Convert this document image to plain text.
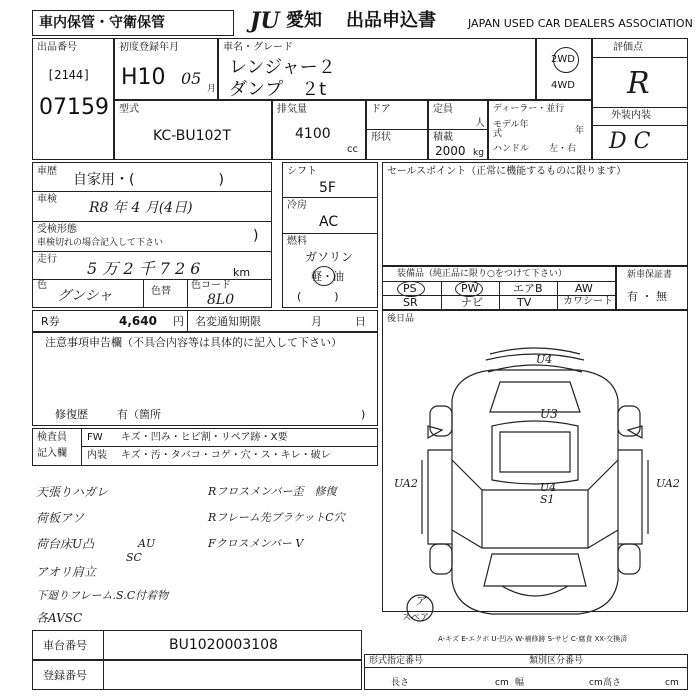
車内保管・守衛保管	JU 愛知 出品申込書	JAPAN USED CAR DEALERS ASSOCIATION
出品番号
[2144]
07159
初度登録年月
H10 05
月
車名・グレード
レンジャー２
ダンプ　２t
2WD
4WD
評価点
R
外装内装
D C
型式
KC-BU102T
排気量
4100
cc
ドア
形状
定員
人
積載
2000 kg
ディーラー・並行
モデル年式	年
ハンドル 左・右
車歴
自家用・(　　　　　　)
車検
R8 年 4 月(4日)
受検形態
車検切れの場合記入して下さい	)
走行 5 万 2 千 7 2 6	km
色
グンシャ	色替
色コード
8L0
シフト
5F
冷房
AC
燃料
ガソリン
軽・油
(　　　)
セールスポイント（正常に機能するものに限ります）
装備品（純正品に限り○をつけて下さい）
PS	PW	エアB	AW
SR	ナビ	TV	カワシート
新車保証書
有 ・ 無
R券	4,640 円 名変通知期限	月	日 後日品
注意事項申告欄（不具合内容等は具体的に記入して下さい）
修復歴	有（箇所	)
検査員
記入欄
FW キズ・凹み・ヒビ割・リペア跡・X要
内装 キズ・汚・タバコ・コゲ・穴・ス・キレ・破レ
天張りハガレ
荷板アソ
荷台床U凸
アオリ肩立
下廻りフレーム.S.C付着物
各AVSC
AU
SC
Rフロスメンバー歪　修復
Rフレーム先ブラケットC穴
Fクロスメンバー V
車台番号	BU1020003108
登録番号
形式指定番号	類別区分番号
長さ	cm 幅	cm 高さ	cm
U4
U3
U4
S1
UA2	UA2
ア
スペア
A-キズ E-エクボ U-凹み W-補修跡 S-サビ C-腐食 XX-交換済
